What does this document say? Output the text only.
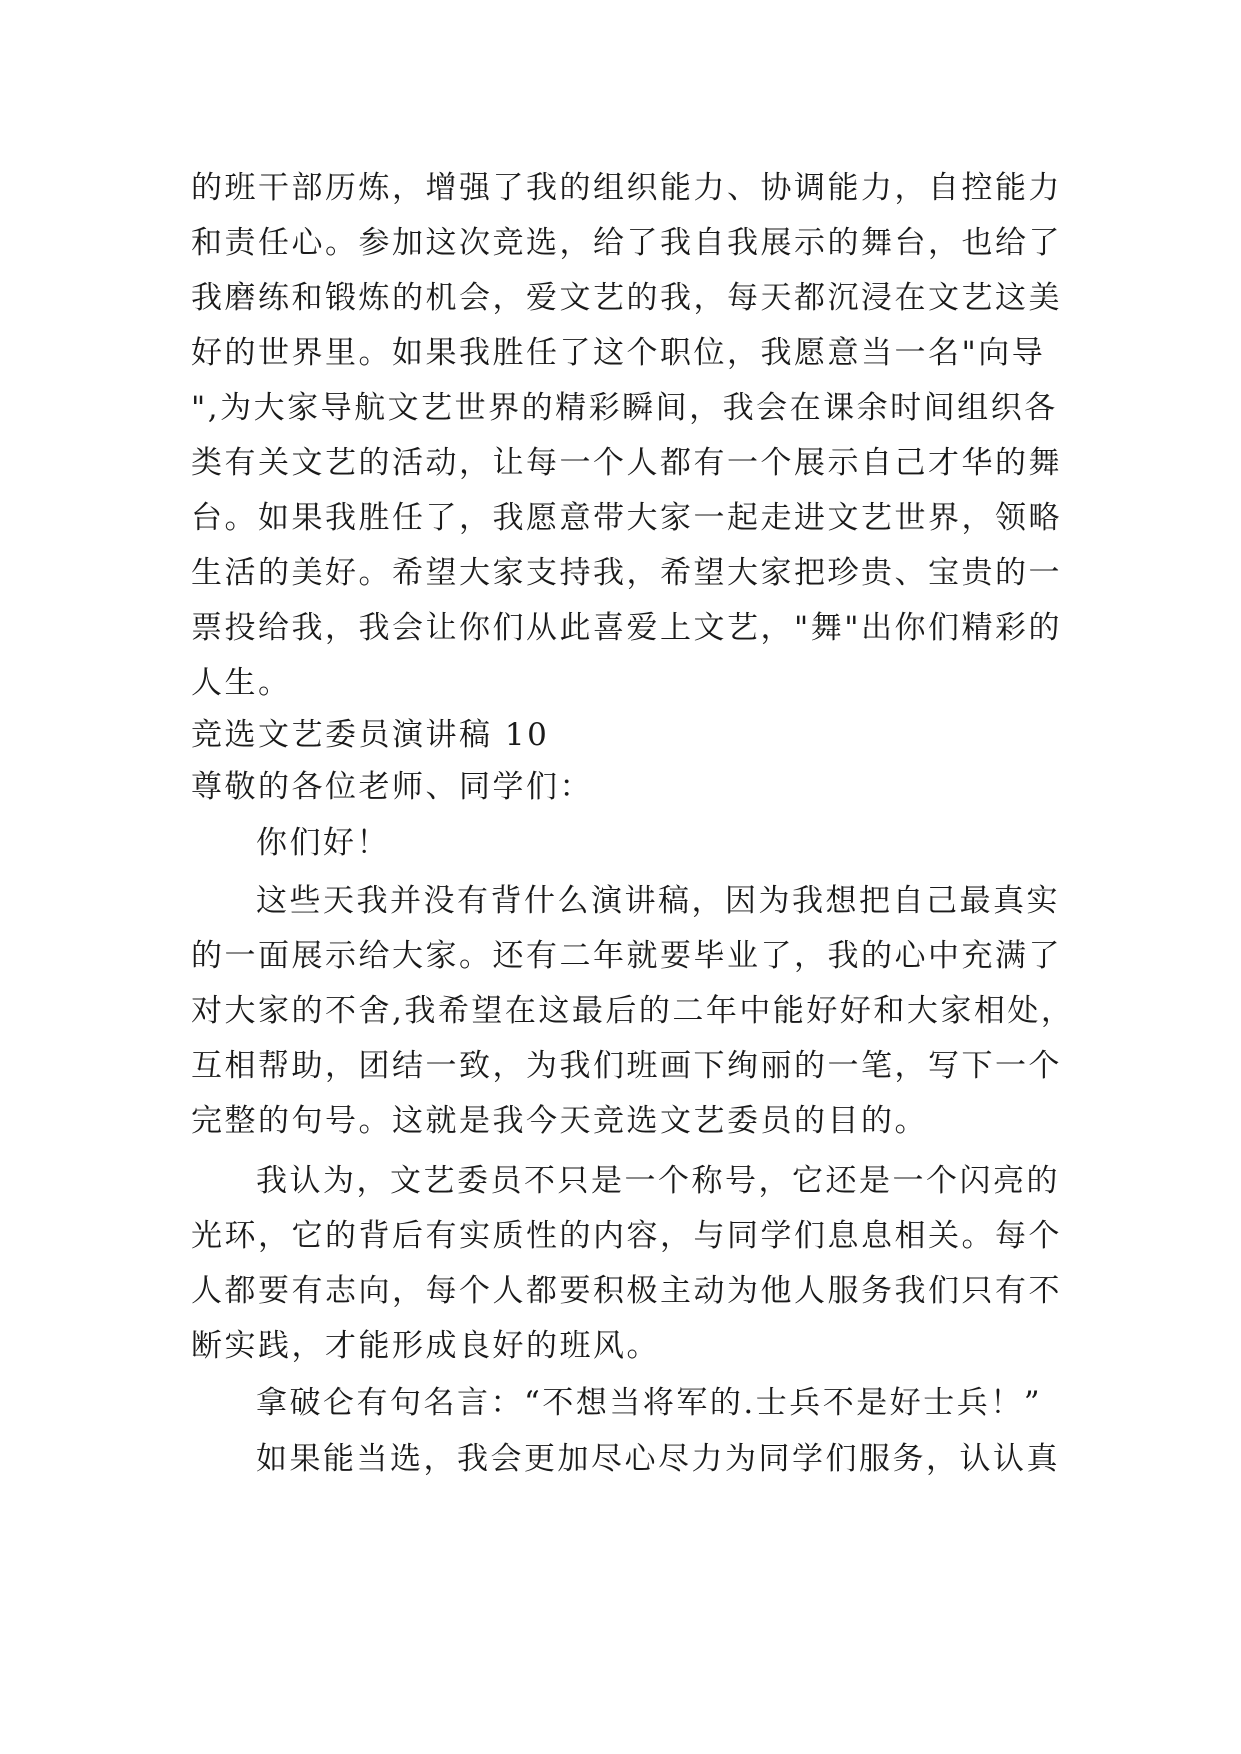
的班干部历炼，增强了我的组织能力、协调能力，自控能力
和责任心。参加这次竞选，给了我自我展示的舞台，也给了
我磨练和锻炼的机会，爱文艺的我，每天都沉浸在文艺这美
好的世界里。如果我胜任了这个职位，我愿意当一名"向导
",为大家导航文艺世界的精彩瞬间，我会在课余时间组织各
类有关文艺的活动，让每一个人都有一个展示自己才华的舞
台。如果我胜任了，我愿意带大家一起走进文艺世界，领略
生活的美好。希望大家支持我，希望大家把珍贵、宝贵的一
票投给我，我会让你们从此喜爱上文艺，"舞"出你们精彩的
人生。
竞选文艺委员演讲稿 10
尊敬的各位老师、同学们：
你们好！
这些天我并没有背什么演讲稿，因为我想把自己最真实
的一面展示给大家。还有二年就要毕业了，我的心中充满了
对大家的不舍,我希望在这最后的二年中能好好和大家相处，
互相帮助，团结一致，为我们班画下绚丽的一笔，写下一个
完整的句号。这就是我今天竞选文艺委员的目的。
我认为，文艺委员不只是一个称号，它还是一个闪亮的
光环，它的背后有实质性的内容，与同学们息息相关。每个
人都要有志向，每个人都要积极主动为他人服务我们只有不
断实践，才能形成良好的班风。
拿破仑有句名言：“不想当将军的.士兵不是好士兵！”
如果能当选，我会更加尽心尽力为同学们服务，认认真
